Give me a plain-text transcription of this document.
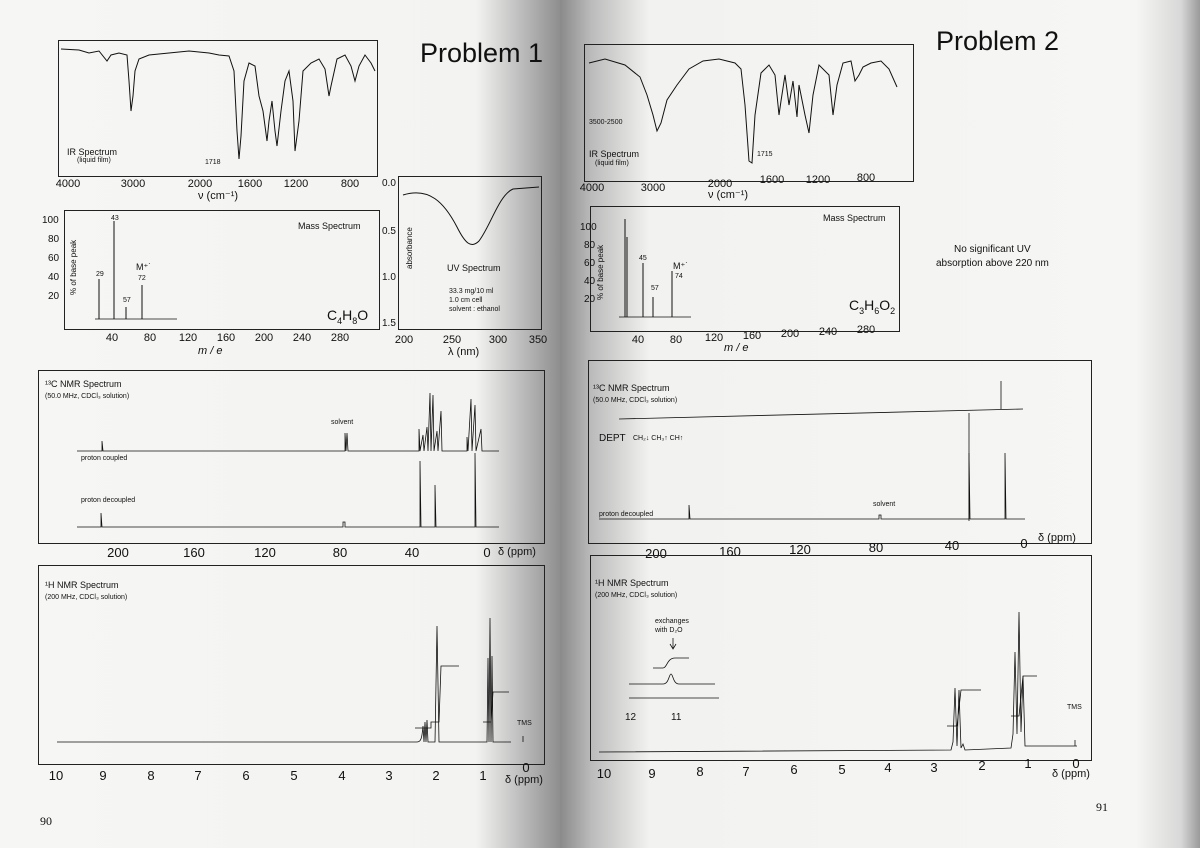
Problem 1
IR Spectrum
(liquid film)	1718
4000	3000	2000 1600 1200	800
ν (cm⁻¹)
43
29
57
M⁺˙
72
Mass Spectrum
$C_4H_8O$
% of base peak
100
80
60
40
20
40 80 120 160 200 240 280
m / e
absorbance	UV Spectrum
33.3 mg/10 ml
1.0 cm cell
solvent : ethanol
0.0
0.5
1.0
1.5
200	250	300 350
λ (nm)
¹³C NMR Spectrum
(50.0 MHz, CDCl₃ solution)
solvent
proton coupled
proton decoupled
200	160	120	80	40	0 δ (ppm)
¹H NMR Spectrum
(200 MHz, CDCl₃ solution)
TMS
10	9	8	7	6	5	4	3	2	1
0
δ (ppm)
90
Problem 2
3500-2500
IR Spectrum
(liquid film)
1715
4000	3000	2000	1600 1200 800
ν (cm⁻¹)
45
57
M⁺˙
74
Mass Spectrum
$C_3H_6O_2$
% of base peak
100
80
60
40
20
40 80 120 160 200 240 280
m / e
No significant UV
absorption above 220 nm
¹³C NMR Spectrum
(50.0 MHz, CDCl₃ solution)
DEPT CH₂↓ CH₃↑ CH↑
solvent
proton decoupled
200	160	120	80	40	0 δ (ppm)
¹H NMR Spectrum
(200 MHz, CDCl₃ solution)
exchanges
with D₂O
12	11
TMS
10	9	8	7	6	5	4	3	2	1	0
δ (ppm)
91
